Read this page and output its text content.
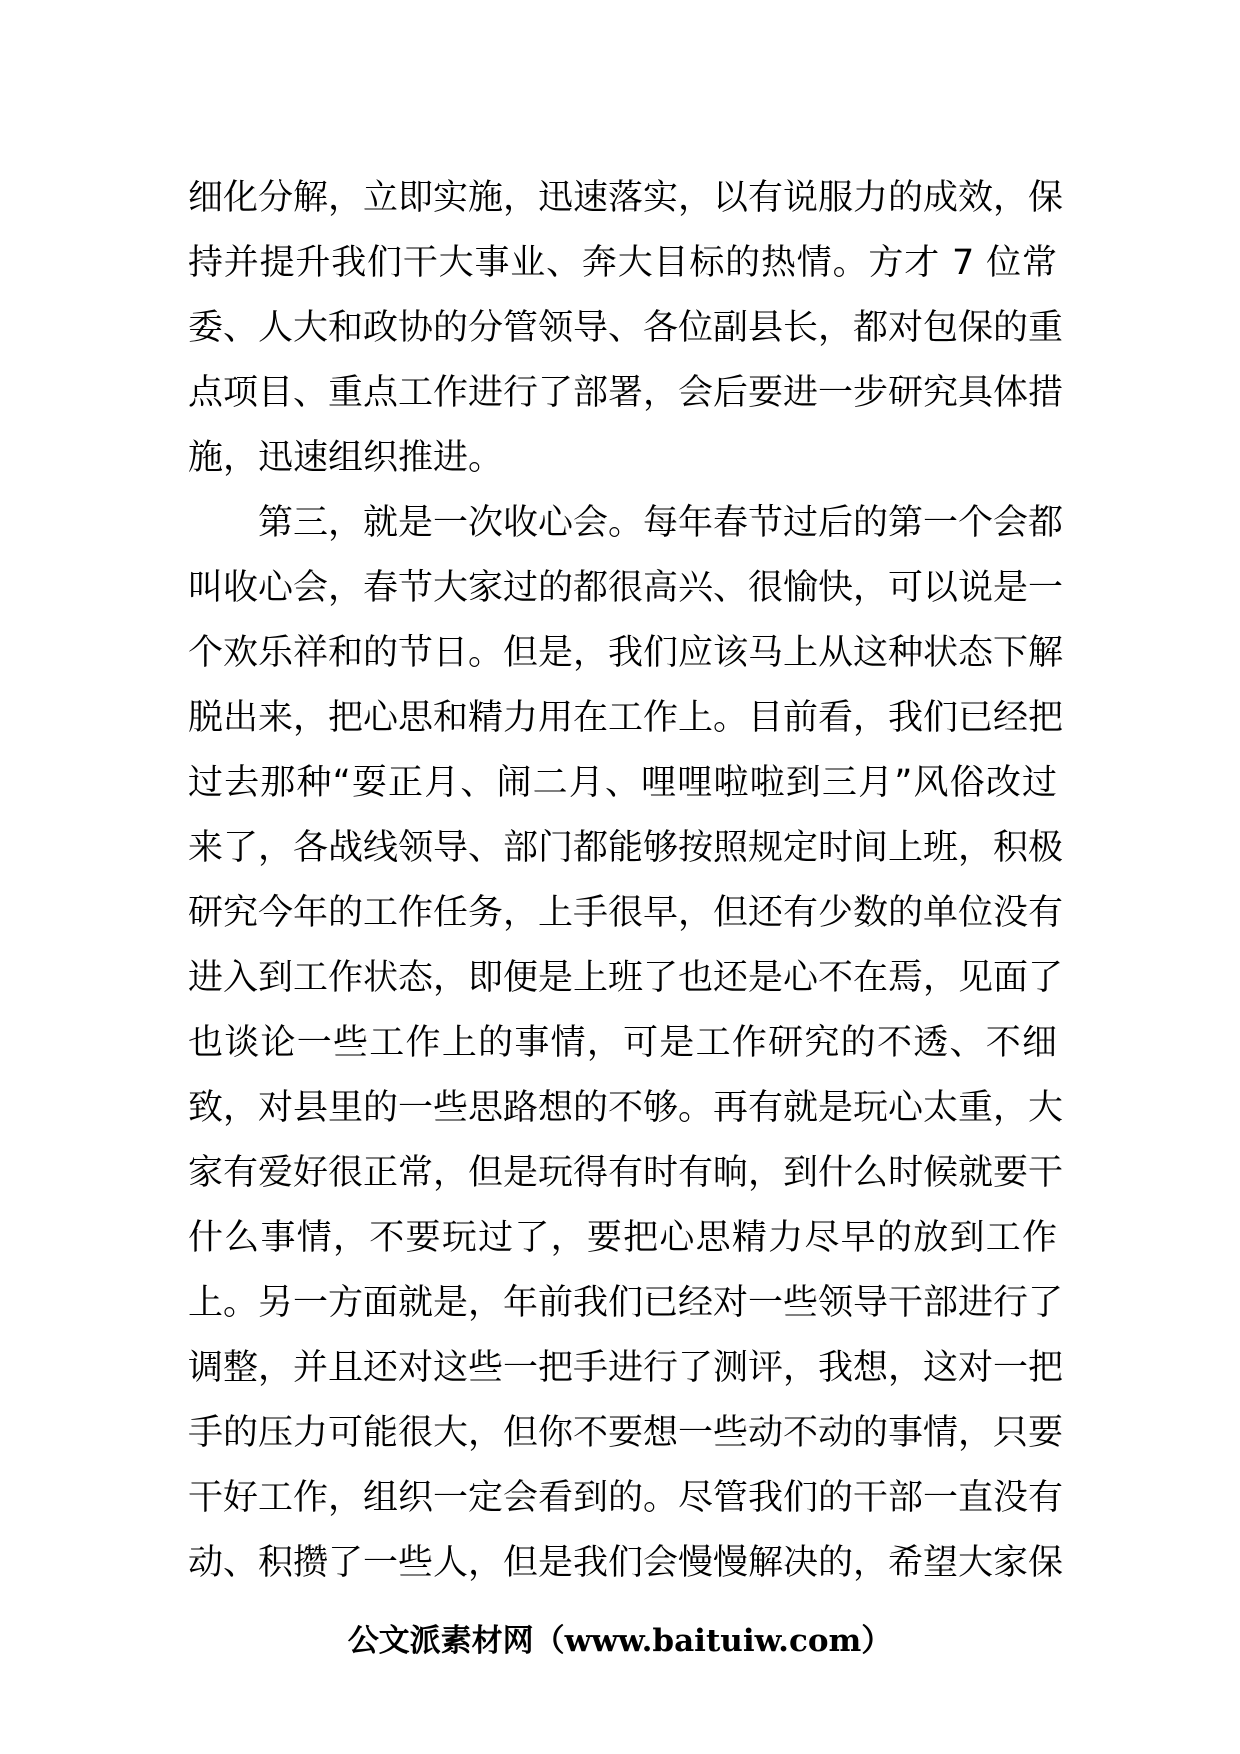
细化分解，立即实施，迅速落实，以有说服力的成效，保
持并提升我们干大事业、奔大目标的热情。方才 7 位常
委、人大和政协的分管领导、各位副县长，都对包保的重
点项目、重点工作进行了部署，会后要进一步研究具体措
施，迅速组织推进。

第三，就是一次收心会。每年春节过后的第一个会都
叫收心会，春节大家过的都很高兴、很愉快，可以说是一
个欢乐祥和的节日。但是，我们应该马上从这种状态下解
脱出来，把心思和精力用在工作上。目前看，我们已经把
过去那种“耍正月、闹二月、哩哩啦啦到三月”风俗改过
来了，各战线领导、部门都能够按照规定时间上班，积极
研究今年的工作任务，上手很早，但还有少数的单位没有
进入到工作状态，即便是上班了也还是心不在焉，见面了
也谈论一些工作上的事情，可是工作研究的不透、不细
致，对县里的一些思路想的不够。再有就是玩心太重，大
家有爱好很正常，但是玩得有时有晌，到什么时候就要干
什么事情，不要玩过了，要把心思精力尽早的放到工作
上。另一方面就是，年前我们已经对一些领导干部进行了
调整，并且还对这些一把手进行了测评，我想，这对一把
手的压力可能很大，但你不要想一些动不动的事情，只要
干好工作，组织一定会看到的。尽管我们的干部一直没有
动、积攒了一些人，但是我们会慢慢解决的，希望大家保

公文派素材网（www.baituiw.com）
